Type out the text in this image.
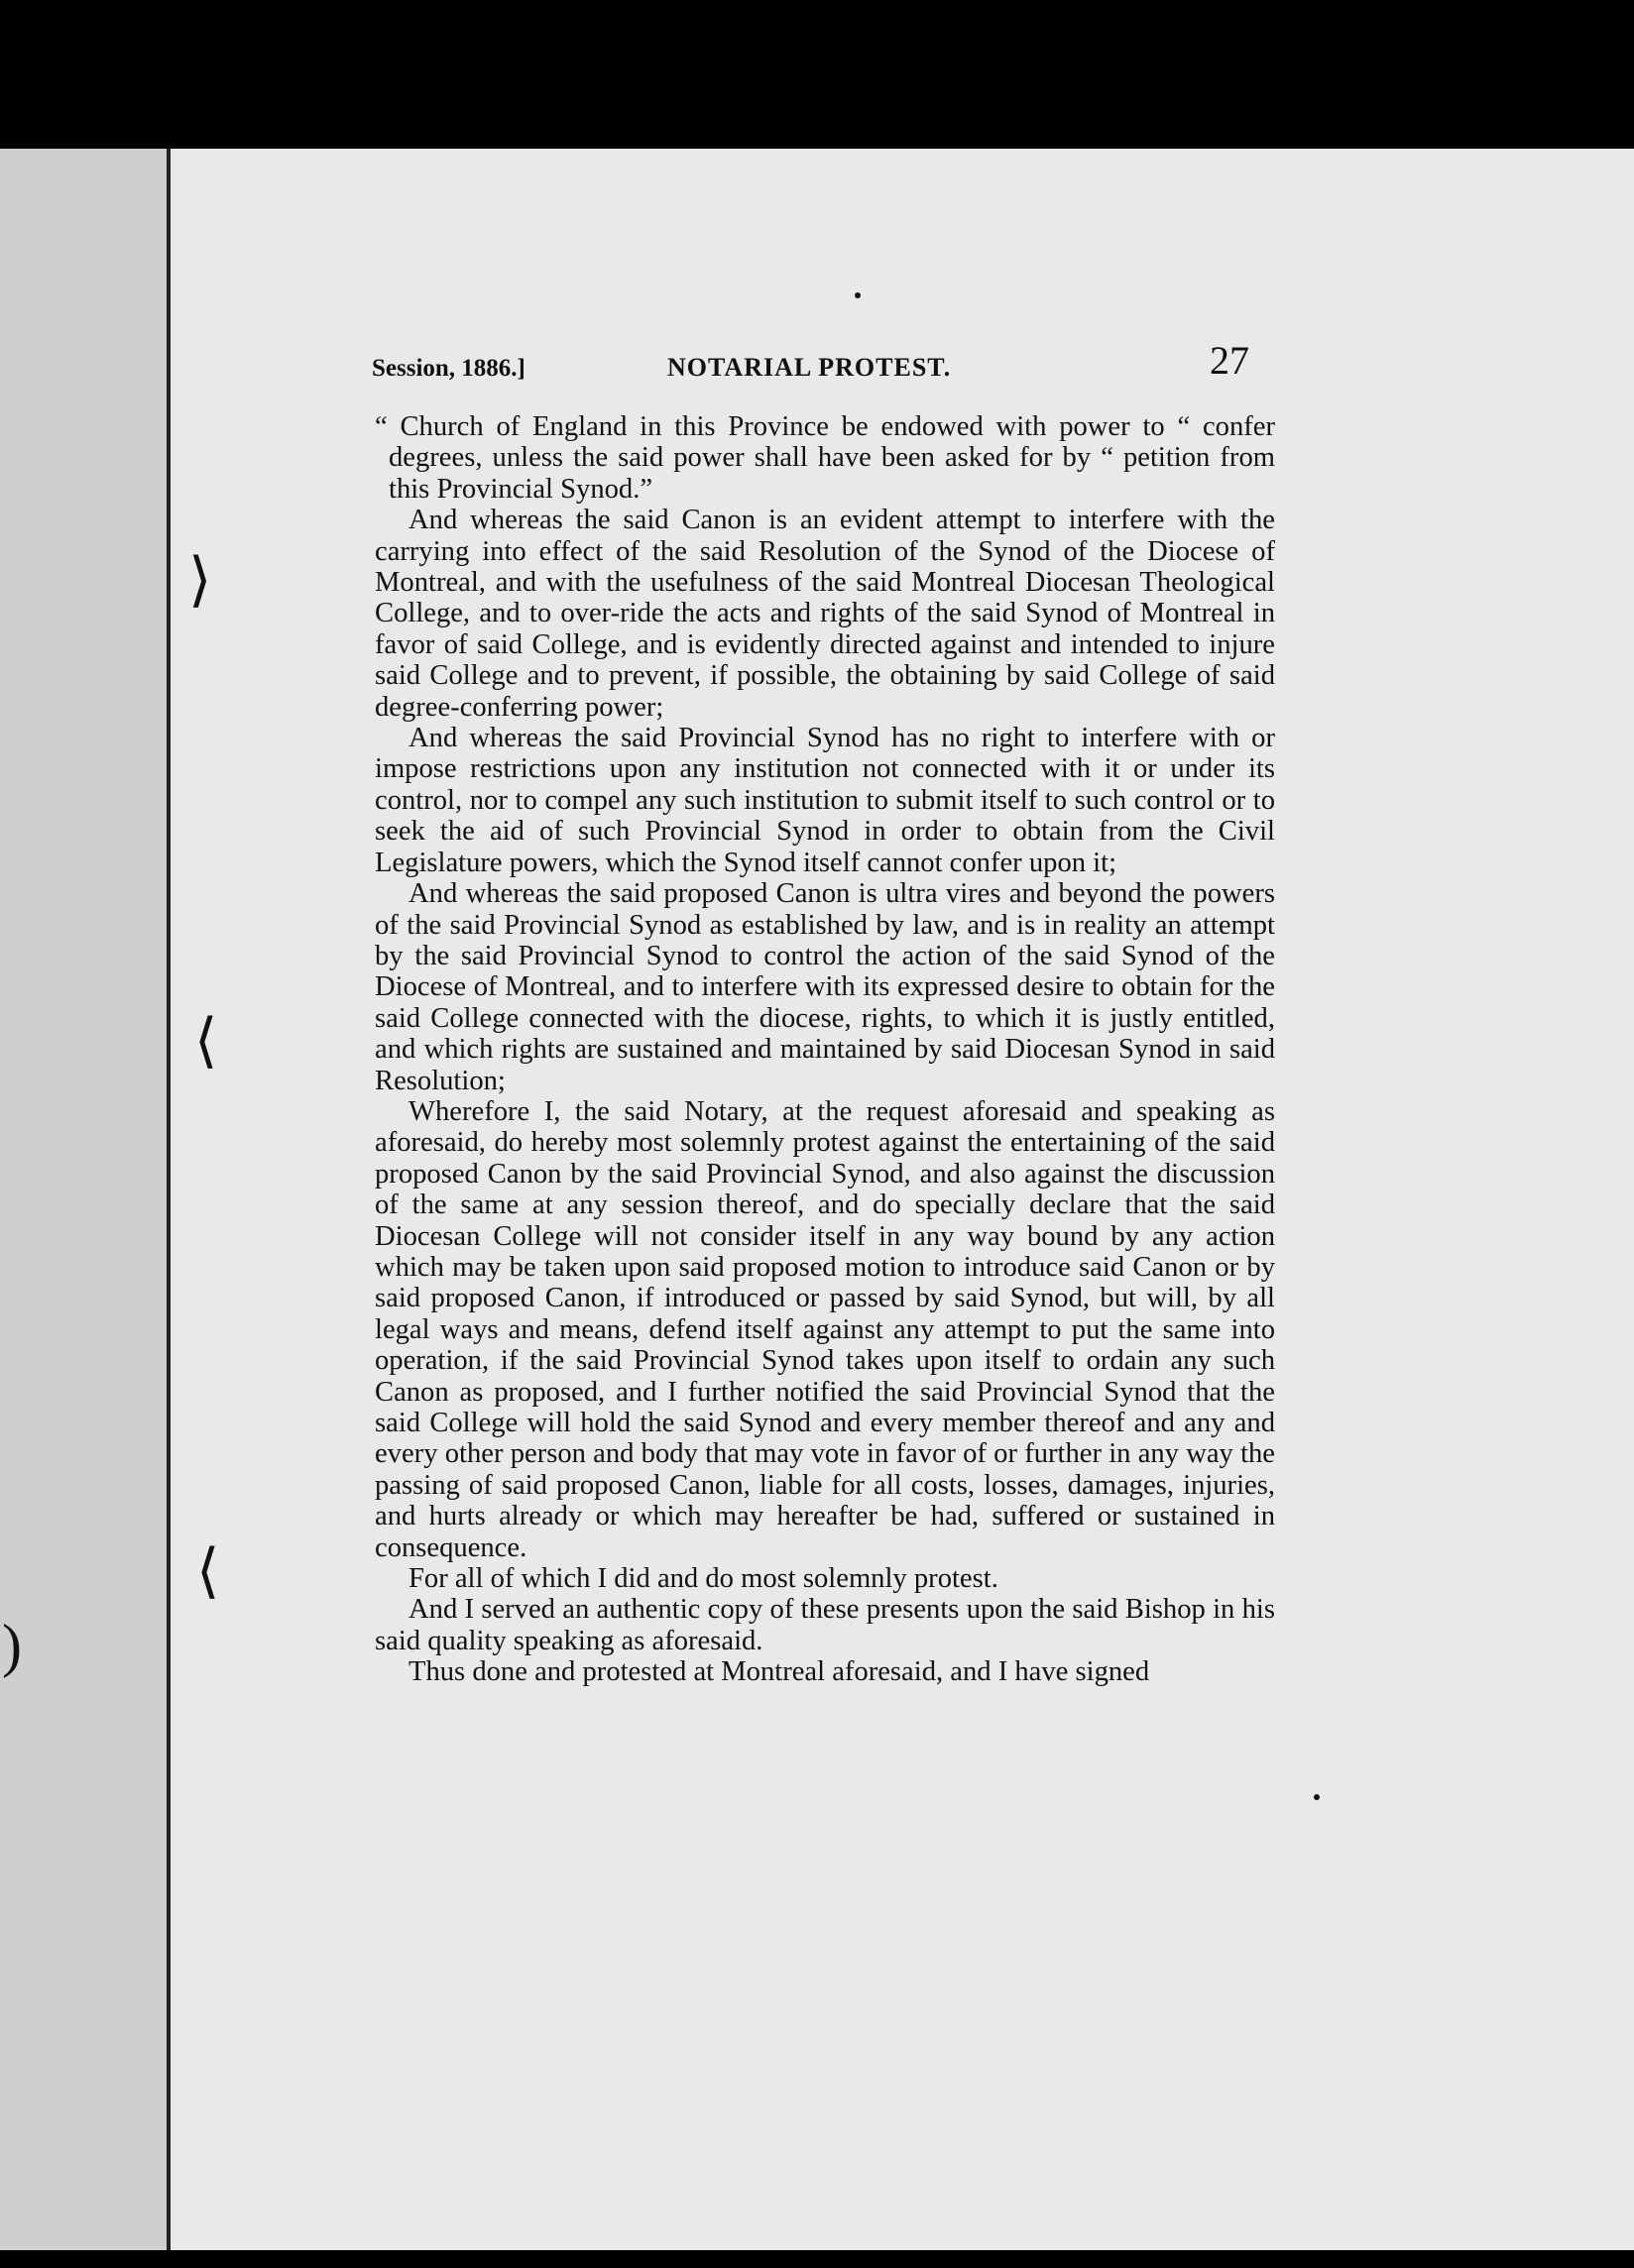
⟩
⟨
⟨
)
Session, 1886.]	NOTARIAL PROTEST.	27

“ Church of England in this Province be endowed with power to “ confer degrees, unless the said power shall have been asked for by “ petition from this Provincial Synod.”

And whereas the said Canon is an evident attempt to interfere with the carrying into effect of the said Resolution of the Synod of the Diocese of Montreal, and with the usefulness of the said Montreal Diocesan Theological College, and to over-ride the acts and rights of the said Synod of Montreal in favor of said College, and is evidently directed against and intended to injure said College and to prevent, if possible, the obtaining by said College of said degree-conferring power;

And whereas the said Provincial Synod has no right to interfere with or impose restrictions upon any institution not connected with it or under its control, nor to compel any such institution to submit itself to such control or to seek the aid of such Provincial Synod in order to obtain from the Civil Legislature powers, which the Synod itself cannot confer upon it;

And whereas the said proposed Canon is ultra vires and beyond the powers of the said Provincial Synod as established by law, and is in reality an attempt by the said Provincial Synod to control the action of the said Synod of the Diocese of Montreal, and to interfere with its expressed desire to obtain for the said College connected with the diocese, rights, to which it is justly entitled, and which rights are sustained and maintained by said Diocesan Synod in said Resolution;

Wherefore I, the said Notary, at the request aforesaid and speaking as aforesaid, do hereby most solemnly protest against the entertaining of the said proposed Canon by the said Provincial Synod, and also against the discussion of the same at any session thereof, and do specially declare that the said Diocesan College will not consider itself in any way bound by any action which may be taken upon said proposed motion to introduce said Canon or by said proposed Canon, if introduced or passed by said Synod, but will, by all legal ways and means, defend itself against any attempt to put the same into operation, if the said Provincial Synod takes upon itself to ordain any such Canon as proposed, and I further notified the said Provincial Synod that the said College will hold the said Synod and every member thereof and any and every other person and body that may vote in favor of or further in any way the passing of said proposed Canon, liable for all costs, losses, damages, injuries, and hurts already or which may hereafter be had, suffered or sustained in consequence.

For all of which I did and do most solemnly protest.

And I served an authentic copy of these presents upon the said Bishop in his said quality speaking as aforesaid.

Thus done and protested at Montreal aforesaid, and I have signed
